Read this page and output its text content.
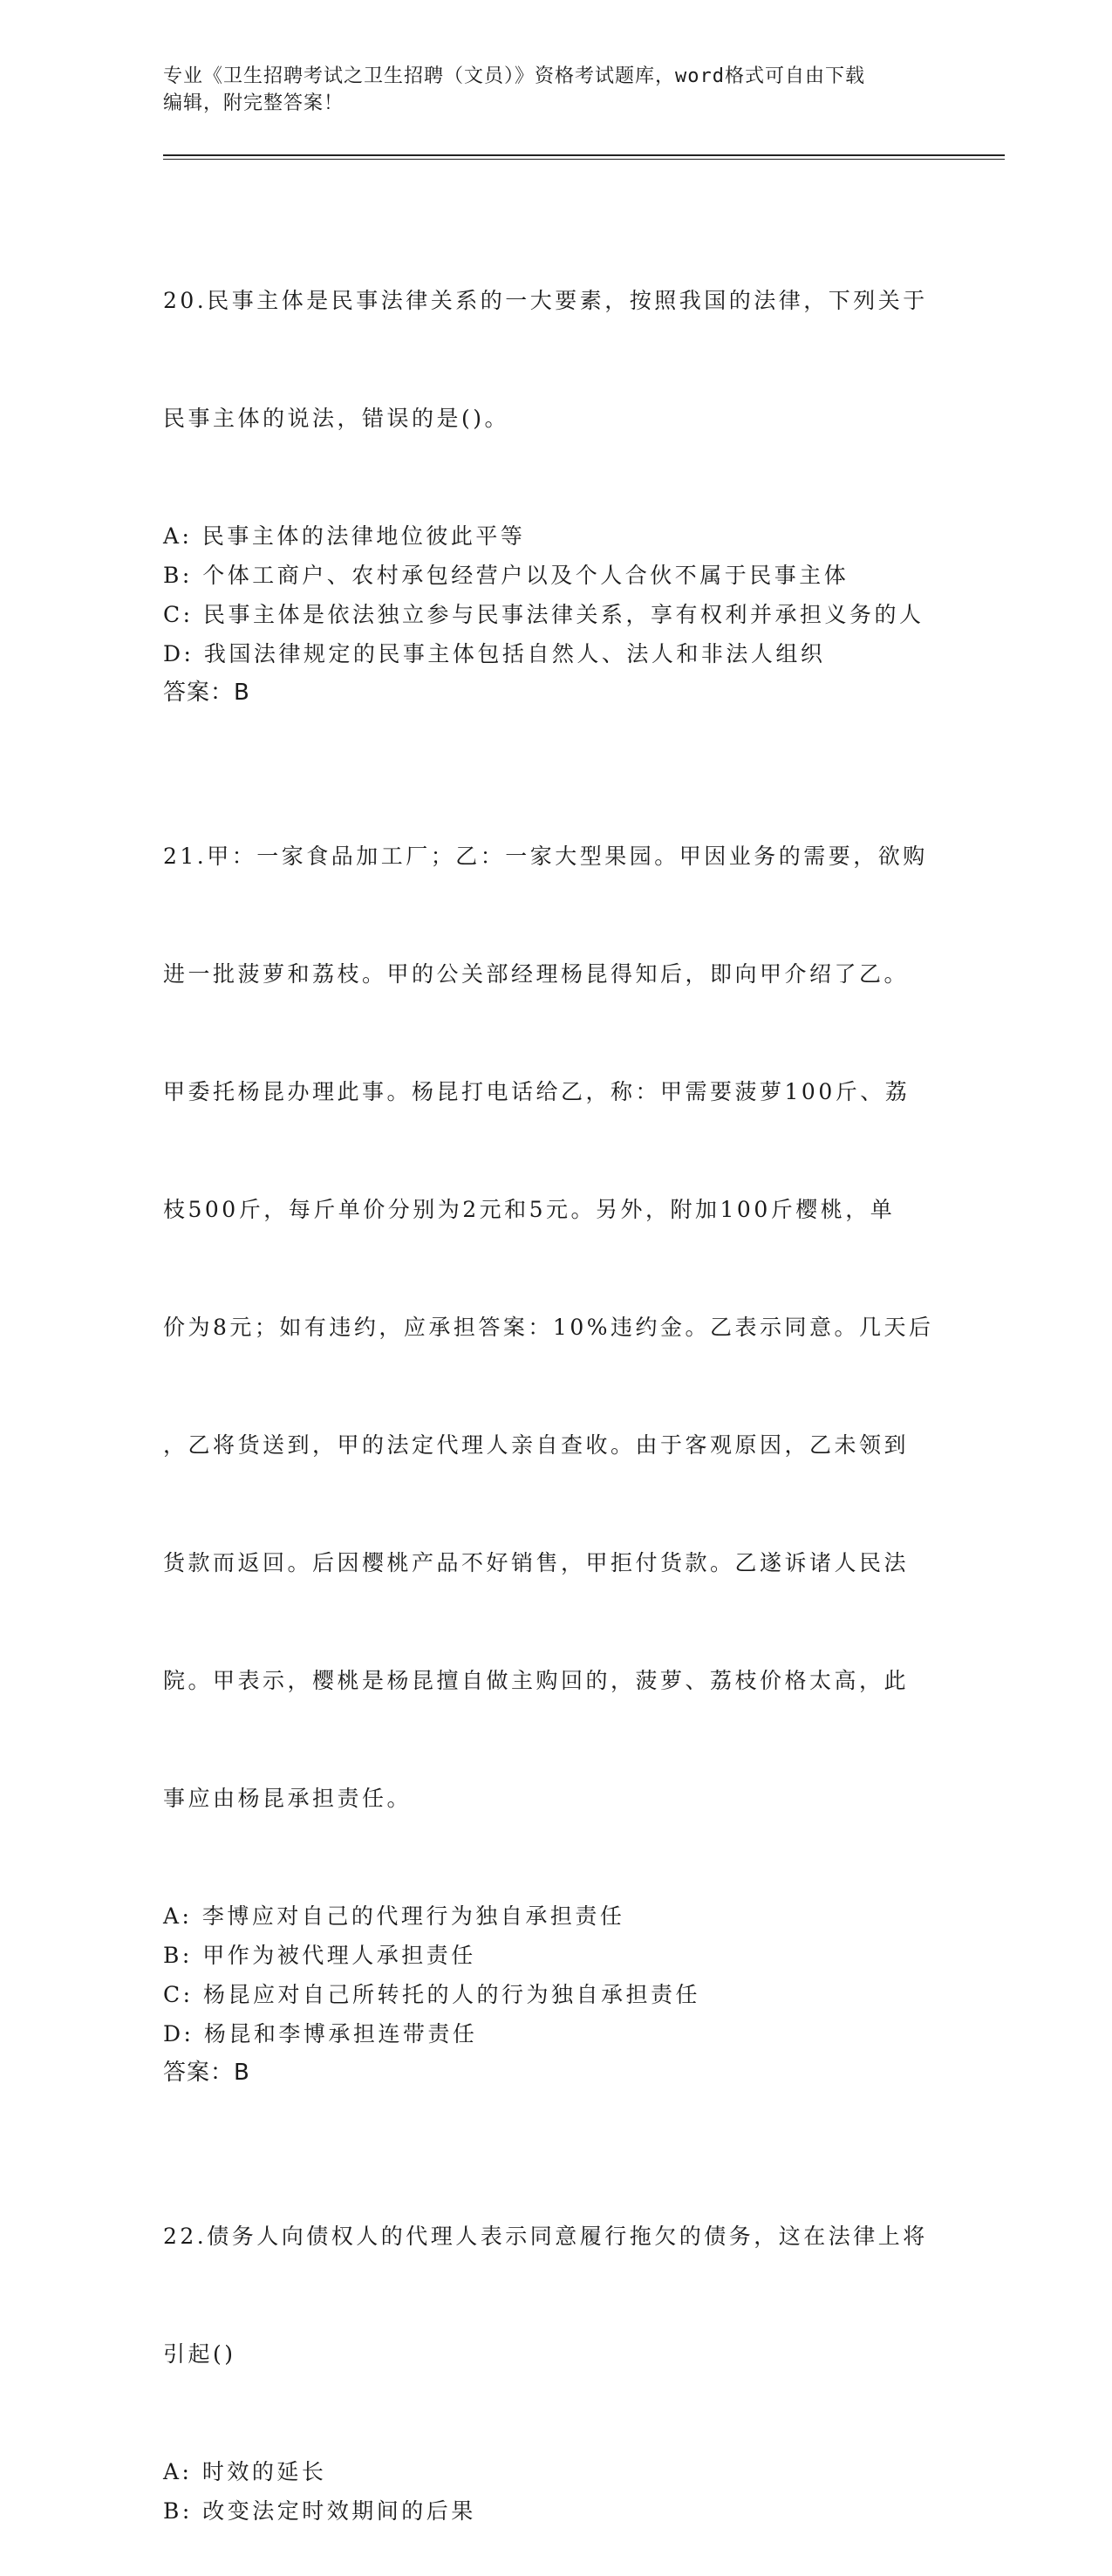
专业《卫生招聘考试之卫生招聘（文员）》资格考试题库，word格式可自由下载
编辑，附完整答案！

20.民事主体是民事法律关系的一大要素，按照我国的法律，下列关于

民事主体的说法，错误的是()。

A: 民事主体的法律地位彼此平等
B: 个体工商户、农村承包经营户以及个人合伙不属于民事主体
C: 民事主体是依法独立参与民事法律关系，享有权利并承担义务的人
D: 我国法律规定的民事主体包括自然人、法人和非法人组织
答案：B

21.甲：一家食品加工厂；乙：一家大型果园。甲因业务的需要，欲购

进一批菠萝和荔枝。甲的公关部经理杨昆得知后，即向甲介绍了乙。

甲委托杨昆办理此事。杨昆打电话给乙，称：甲需要菠萝100斤、荔

枝500斤，每斤单价分别为2元和5元。另外，附加100斤樱桃，单

价为8元；如有违约，应承担答案：10%违约金。乙表示同意。几天后

，乙将货送到，甲的法定代理人亲自查收。由于客观原因，乙未领到

货款而返回。后因樱桃产品不好销售，甲拒付货款。乙遂诉诸人民法

院。甲表示，樱桃是杨昆擅自做主购回的，菠萝、荔枝价格太高，此

事应由杨昆承担责任。

A: 李博应对自己的代理行为独自承担责任
B: 甲作为被代理人承担责任
C: 杨昆应对自己所转托的人的行为独自承担责任
D: 杨昆和李博承担连带责任
答案：B

22.债务人向债权人的代理人表示同意履行拖欠的债务，这在法律上将

引起()

A: 时效的延长
B: 改变法定时效期间的后果
